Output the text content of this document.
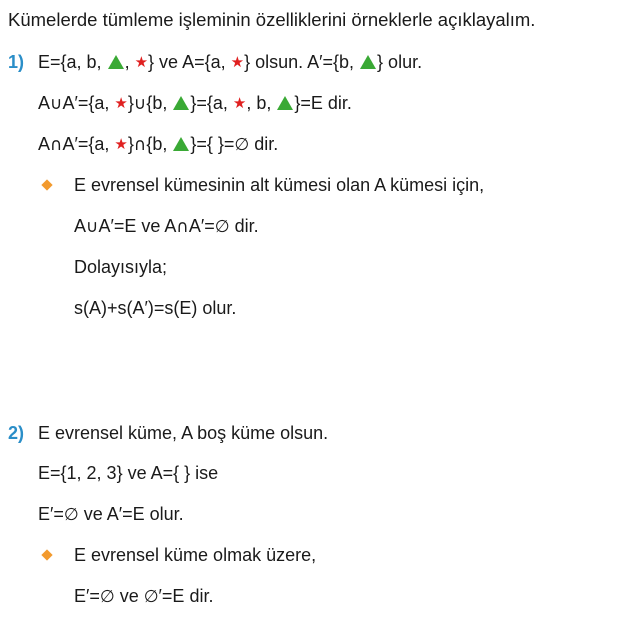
Kümelerde tümleme işleminin özelliklerini örneklerle açıklayalım.
1) E={a, b, , ★} ve A={a, ★} olsun. A′={b, } olur.
A∪A′={a, ★}∪{b, }={a, ★, b, }=E dir.
A∩A′={a, ★}∩{b, }={ }=∅ dir.
E evrensel kümesinin alt kümesi olan A kümesi için,
A∪A′=E ve A∩A′=∅ dir.
Dolayısıyla;
s(A)+s(A′)=s(E) olur.
2) E evrensel küme, A boş küme olsun.
E={1, 2, 3} ve A={ } ise
E′=∅ ve A′=E olur.
E evrensel küme olmak üzere,
E′=∅ ve ∅′=E dir.
